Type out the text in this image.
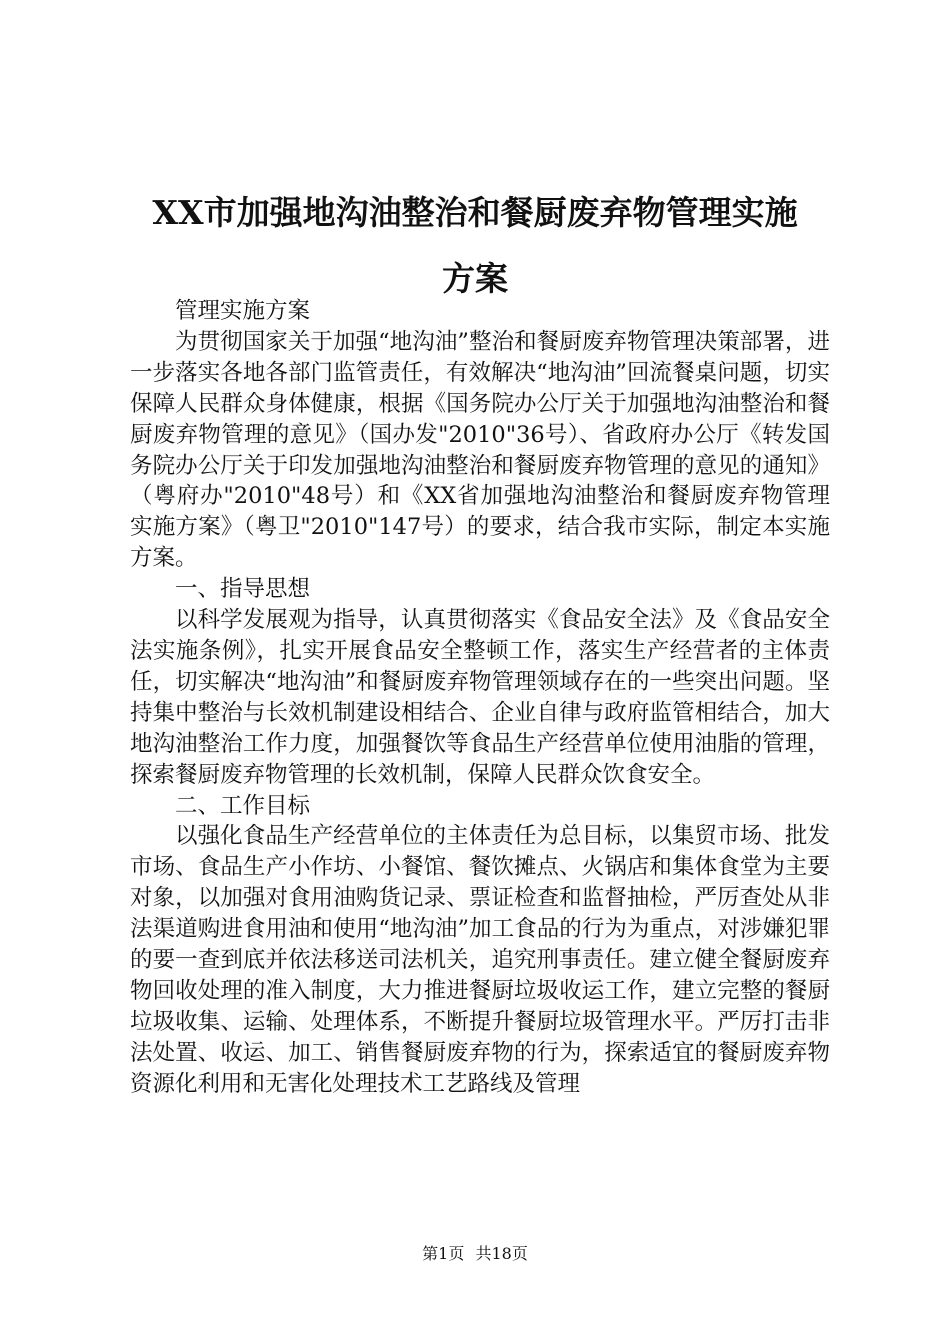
XX市加强地沟油整治和餐厨废弃物管理实施
方案

管理实施方案

为贯彻国家关于加强“地沟油”整治和餐厨废弃物管理决策部署，进一步落实各地各部门监管责任，有效解决“地沟油”回流餐桌问题，切实保障人民群众身体健康，根据《国务院办公厅关于加强地沟油整治和餐厨废弃物管理的意见》（国办发"2010"36号）、省政府办公厅《转发国务院办公厅关于印发加强地沟油整治和餐厨废弃物管理的意见的通知》（粤府办"2010"48号）和《XX省加强地沟油整治和餐厨废弃物管理实施方案》（粤卫"2010"147号）的要求，结合我市实际，制定本实施方案。

一、指导思想

以科学发展观为指导，认真贯彻落实《食品安全法》及《食品安全法实施条例》，扎实开展食品安全整顿工作，落实生产经营者的主体责任，切实解决“地沟油”和餐厨废弃物管理领域存在的一些突出问题。坚持集中整治与长效机制建设相结合、企业自律与政府监管相结合，加大地沟油整治工作力度，加强餐饮等食品生产经营单位使用油脂的管理，探索餐厨废弃物管理的长效机制，保障人民群众饮食安全。

二、工作目标

以强化食品生产经营单位的主体责任为总目标，以集贸市场、批发市场、食品生产小作坊、小餐馆、餐饮摊点、火锅店和集体食堂为主要对象，以加强对食用油购货记录、票证检查和监督抽检，严厉查处从非法渠道购进食用油和使用“地沟油”加工食品的行为为重点，对涉嫌犯罪的要一查到底并依法移送司法机关，追究刑事责任。建立健全餐厨废弃物回收处理的准入制度，大力推进餐厨垃圾收运工作，建立完整的餐厨垃圾收集、运输、处理体系，不断提升餐厨垃圾管理水平。严厉打击非法处置、收运、加工、销售餐厨废弃物的行为，探索适宜的餐厨废弃物资源化利用和无害化处理技术工艺路线及管理

第1页 共18页
